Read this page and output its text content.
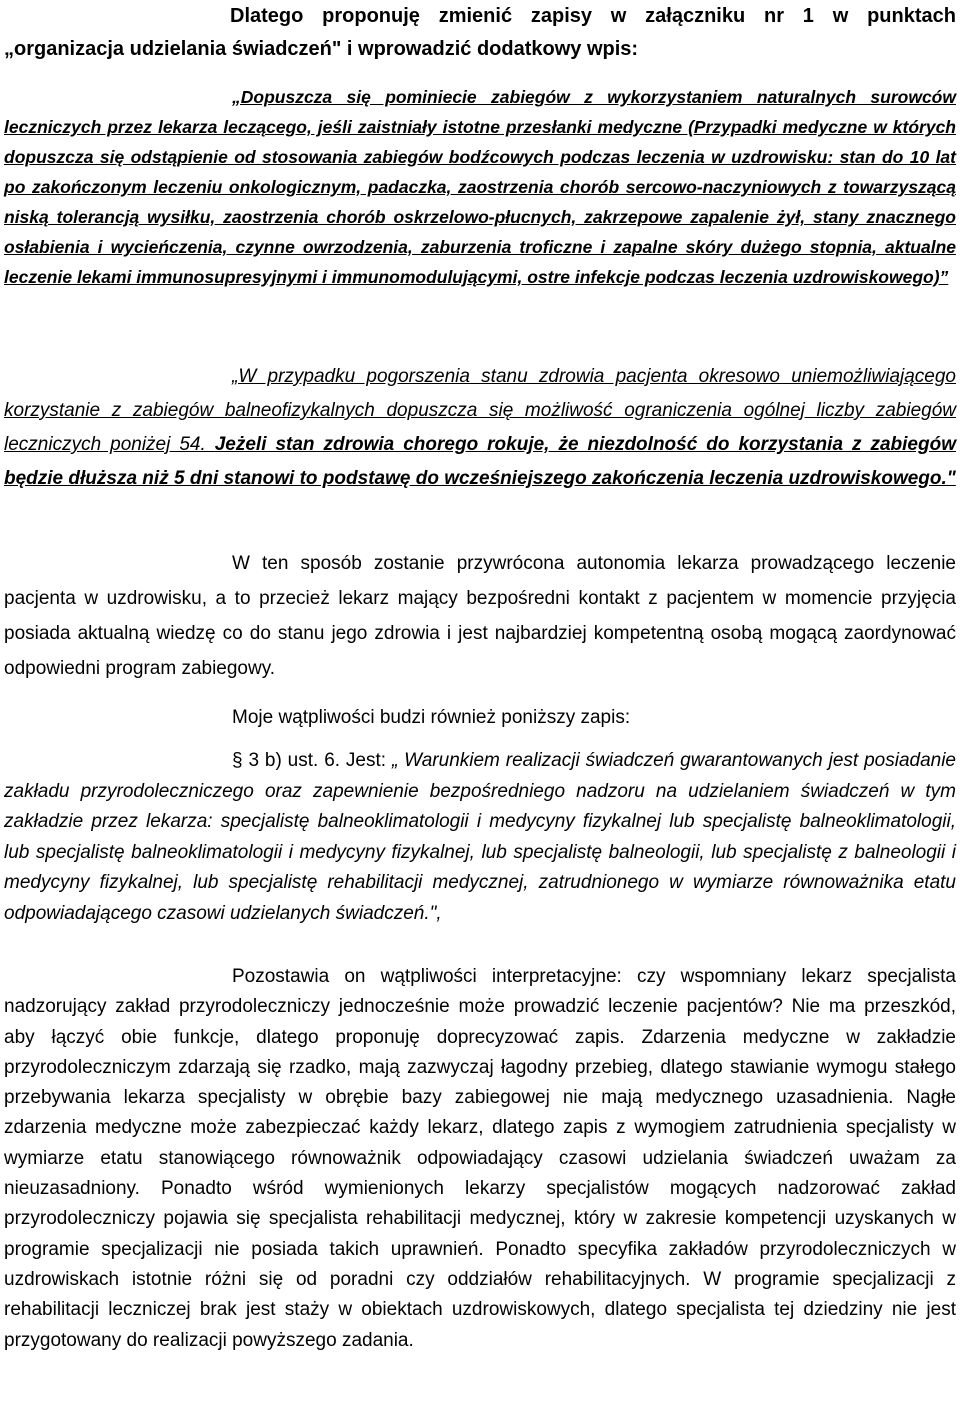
Dlatego proponuję zmienić zapisy w załączniku nr 1 w punktach

„organizacja udzielania świadczeń" i wprowadzić dodatkowy wpis:

„Dopuszcza się pominiecie zabiegów z wykorzystaniem naturalnych surowców leczniczych przez lekarza leczącego, jeśli zaistniały istotne przesłanki medyczne (Przypadki medyczne w których dopuszcza się odstąpienie od stosowania zabiegów bodźcowych podczas leczenia w uzdrowisku: stan do 10 lat po zakończonym leczeniu onkologicznym, padaczka, zaostrzenia chorób sercowo-naczyniowych z towarzyszącą niską tolerancją wysiłku, zaostrzenia chorób oskrzelowo-płucnych, zakrzepowe zapalenie żył, stany znacznego osłabienia i wycieńczenia, czynne owrzodzenia, zaburzenia troficzne i zapalne skóry dużego stopnia, aktualne leczenie lekami immunosupresyjnymi i immunomodulującymi, ostre infekcje podczas leczenia uzdrowiskowego)”

„W przypadku pogorszenia stanu zdrowia pacjenta okresowo uniemożliwiającego korzystanie z zabiegów balneofizykalnych dopuszcza się możliwość ograniczenia ogólnej liczby zabiegów leczniczych poniżej 54. Jeżeli stan zdrowia chorego rokuje, że niezdolność do korzystania z zabiegów będzie dłuższa niż 5 dni stanowi to podstawę do wcześniejszego zakończenia leczenia uzdrowiskowego."

W ten sposób zostanie przywrócona autonomia lekarza prowadzącego leczenie pacjenta w uzdrowisku, a to przecież lekarz mający bezpośredni kontakt z pacjentem w momencie przyjęcia posiada aktualną wiedzę co do stanu jego zdrowia i jest najbardziej kompetentną osobą mogącą zaordynować odpowiedni program zabiegowy.

Moje wątpliwości budzi również poniższy zapis:

§ 3 b) ust. 6. Jest: „ Warunkiem realizacji świadczeń gwarantowanych jest posiadanie zakładu przyrodoleczniczego oraz zapewnienie bezpośredniego nadzoru na udzielaniem świadczeń w tym zakładzie przez lekarza: specjalistę balneoklimatologii i medycyny fizykalnej lub specjalistę balneoklimatologii, lub specjalistę balneoklimatologii i medycyny fizykalnej, lub specjalistę balneologii, lub specjalistę z balneologii i medycyny fizykalnej, lub specjalistę rehabilitacji medycznej, zatrudnionego w wymiarze równoważnika etatu odpowiadającego czasowi udzielanych świadczeń.",

Pozostawia on wątpliwości interpretacyjne: czy wspomniany lekarz specjalista nadzorujący zakład przyrodoleczniczy jednocześnie może prowadzić leczenie pacjentów? Nie ma przeszkód, aby łączyć obie funkcje, dlatego proponuję doprecyzować zapis. Zdarzenia medyczne w zakładzie przyrodoleczniczym zdarzają się rzadko, mają zazwyczaj łagodny przebieg, dlatego stawianie wymogu stałego przebywania lekarza specjalisty w obrębie bazy zabiegowej nie mają medycznego uzasadnienia. Nagłe zdarzenia medyczne może zabezpieczać każdy lekarz, dlatego zapis z wymogiem zatrudnienia specjalisty w wymiarze etatu stanowiącego równoważnik odpowiadający czasowi udzielania świadczeń uważam za nieuzasadniony. Ponadto wśród wymienionych lekarzy specjalistów mogących nadzorować zakład przyrodoleczniczy pojawia się specjalista rehabilitacji medycznej, który w zakresie kompetencji uzyskanych w programie specjalizacji nie posiada takich uprawnień. Ponadto specyfika zakładów przyrodoleczniczych w uzdrowiskach istotnie różni się od poradni czy oddziałów rehabilitacyjnych. W programie specjalizacji z rehabilitacji leczniczej brak jest staży w obiektach uzdrowiskowych, dlatego specjalista tej dziedziny nie jest przygotowany do realizacji powyższego zadania.
